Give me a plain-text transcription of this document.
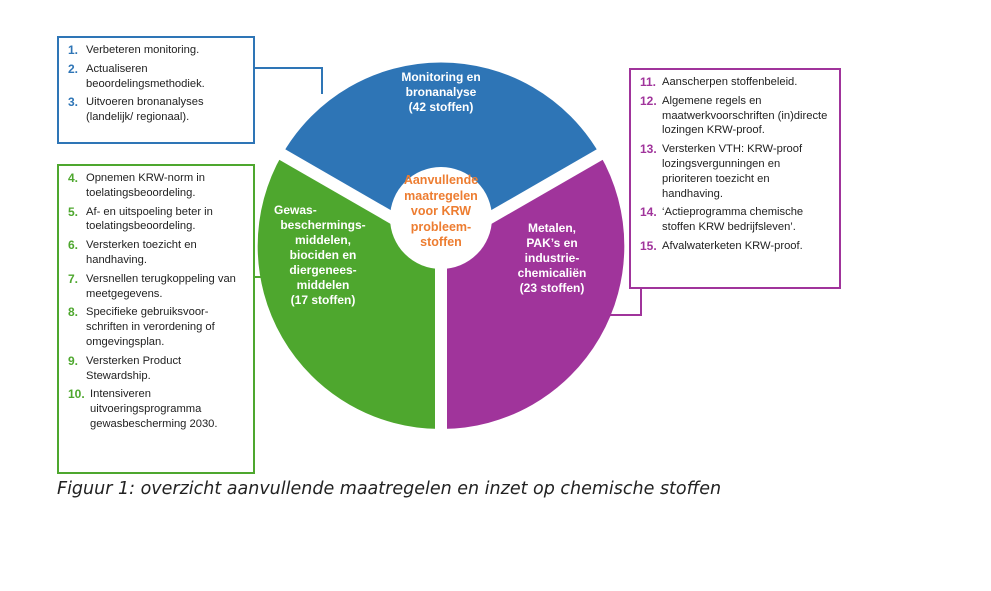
Monitoring en
bronanalyse
(42 stoffen)
Gewas-
beschermings-
middelen,
biociden en
diergenees-
middelen
(17 stoffen)
Metalen,
PAK’s en
industrie-
chemicaliën
(23 stoffen)
Aanvullende
maatregelen
voor KRW
probleem-
stoffen
1. Verbeteren monitoring.
2. Actualiseren beoordelingsmethodiek.
3. Uitvoeren bronanalyses (landelijk/ regionaal).
4. Opnemen KRW-norm in toelatingsbeoordeling.
5. Af- en uitspoeling beter in toelatingsbeoordeling.
6. Versterken toezicht en handhaving.
7. Versnellen terugkoppeling van meetgegevens.
8. Specifieke gebruiksvoor-schriften in verordening of omgevingsplan.
9. Versterken Product Stewardship.
10. Intensiveren uitvoeringsprogramma gewasbescherming 2030.
11. Aanscherpen stoffenbeleid.
12. Algemene regels en maatwerkvoorschriften (in)directe lozingen KRW-proof.
13. Versterken VTH: KRW-proof lozingsvergunningen en prioriteren toezicht en handhaving.
14. ‘Actieprogramma chemische stoffen KRW bedrijfsleven’.
15. Afvalwaterketen KRW-proof.
Figuur 1: overzicht aanvullende maatregelen en inzet op chemische stoffen
